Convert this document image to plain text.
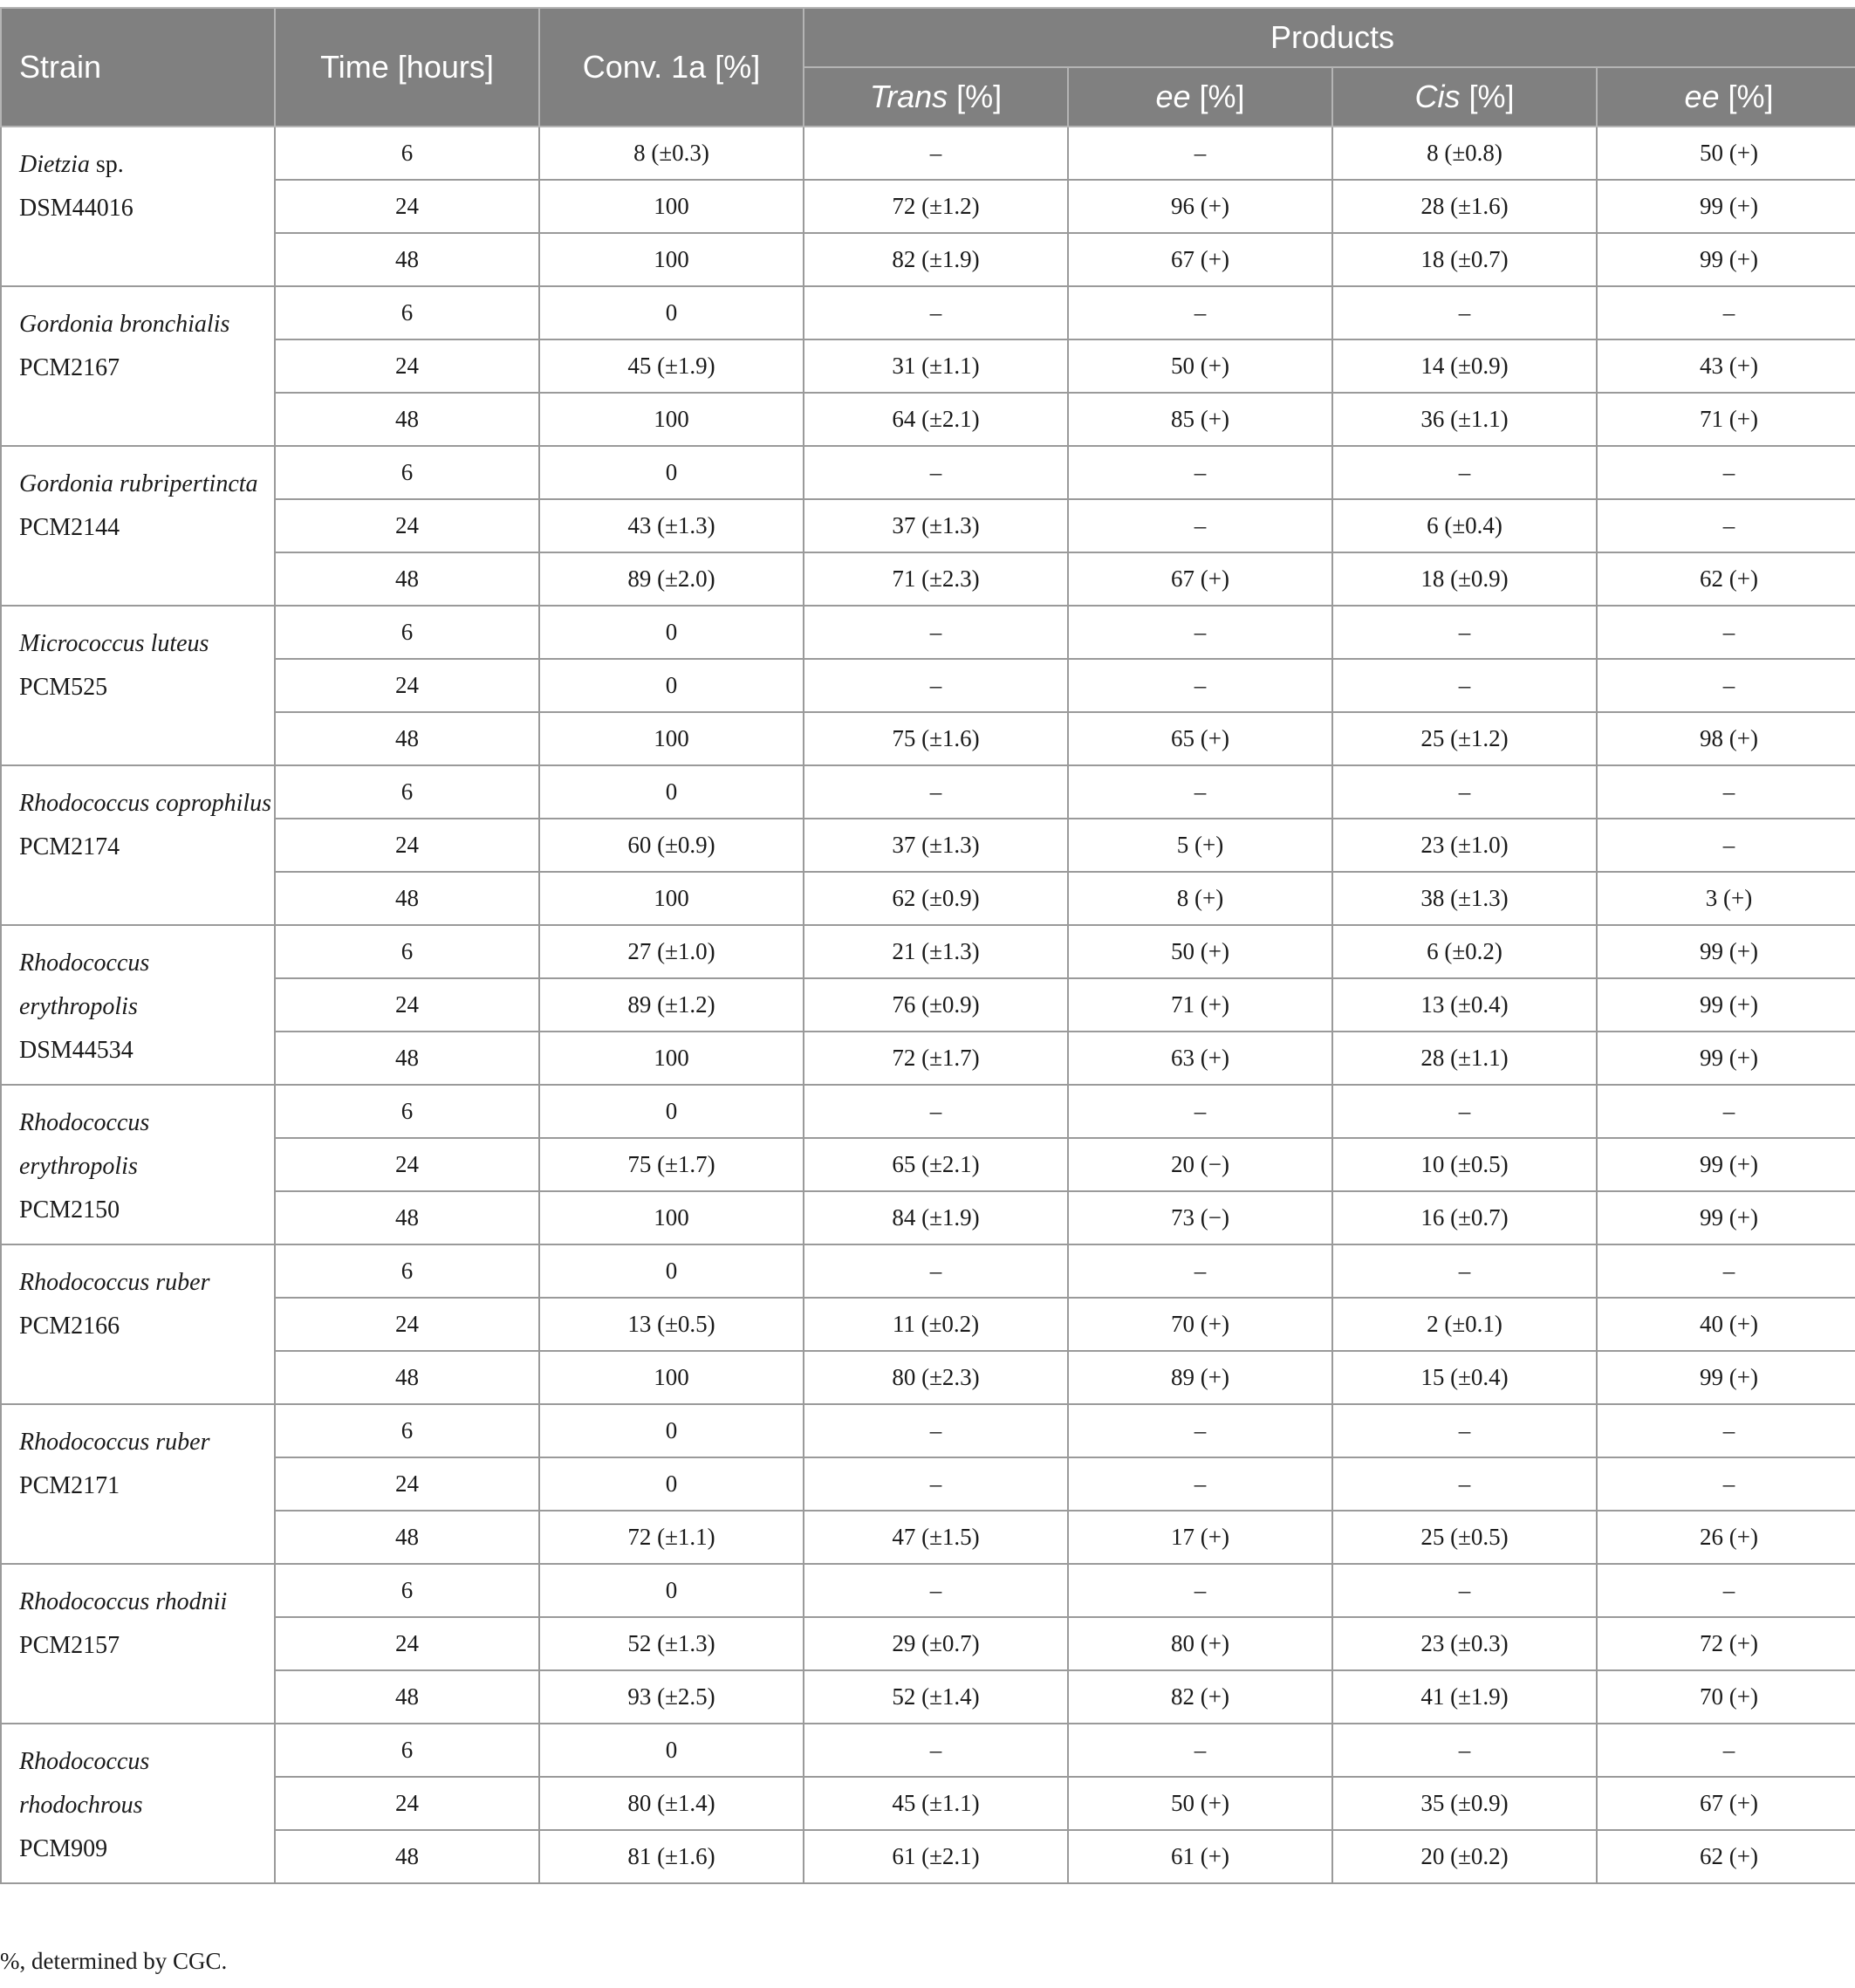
Strain	Time [hours]	Conv. 1a [%]	Products			
			Trans [%]	ee [%]	Cis [%]	ee [%]

Dietzia sp.
DSM44016	6	8 (±0.3)	–	–	8 (±0.8)	50 (+)
	24	100	72 (±1.2)	96 (+)	28 (±1.6)	99 (+)
	48	100	82 (±1.9)	67 (+)	18 (±0.7)	99 (+)

Gordonia bronchialis
PCM2167	6	0	–	–	–	–
	24	45 (±1.9)	31 (±1.1)	50 (+)	14 (±0.9)	43 (+)
	48	100	64 (±2.1)	85 (+)	36 (±1.1)	71 (+)

Gordonia rubripertincta
PCM2144	6	0	–	–	–	–
	24	43 (±1.3)	37 (±1.3)	–	6 (±0.4)	–
	48	89 (±2.0)	71 (±2.3)	67 (+)	18 (±0.9)	62 (+)

Micrococcus luteus
PCM525	6	0	–	–	–	–
	24	0	–	–	–	–
	48	100	75 (±1.6)	65 (+)	25 (±1.2)	98 (+)

Rhodococcus coprophilus
PCM2174	6	0	–	–	–	–
	24	60 (±0.9)	37 (±1.3)	5 (+)	23 (±1.0)	–
	48	100	62 (±0.9)	8 (+)	38 (±1.3)	3 (+)

Rhodococcus erythropolis
DSM44534	6	27 (±1.0)	21 (±1.3)	50 (+)	6 (±0.2)	99 (+)
	24	89 (±1.2)	76 (±0.9)	71 (+)	13 (±0.4)	99 (+)
	48	100	72 (±1.7)	63 (+)	28 (±1.1)	99 (+)

Rhodococcus erythropolis
PCM2150	6	0	–	–	–	–
	24	75 (±1.7)	65 (±2.1)	20 (−)	10 (±0.5)	99 (+)
	48	100	84 (±1.9)	73 (−)	16 (±0.7)	99 (+)

Rhodococcus ruber
PCM2166	6	0	–	–	–	–
	24	13 (±0.5)	11 (±0.2)	70 (+)	2 (±0.1)	40 (+)
	48	100	80 (±2.3)	89 (+)	15 (±0.4)	99 (+)

Rhodococcus ruber
PCM2171	6	0	–	–	–	–
	24	0	–	–	–	–
	48	72 (±1.1)	47 (±1.5)	17 (+)	25 (±0.5)	26 (+)

Rhodococcus rhodnii
PCM2157	6	0	–	–	–	–
	24	52 (±1.3)	29 (±0.7)	80 (+)	23 (±0.3)	72 (+)
	48	93 (±2.5)	52 (±1.4)	82 (+)	41 (±1.9)	70 (+)

Rhodococcus rhodochrous
PCM909	6	0	–	–	–	–
	24	80 (±1.4)	45 (±1.1)	50 (+)	35 (±0.9)	67 (+)
	48	81 (±1.6)	61 (±2.1)	61 (+)	20 (±0.2)	62 (+)
%, determined by CGC.
